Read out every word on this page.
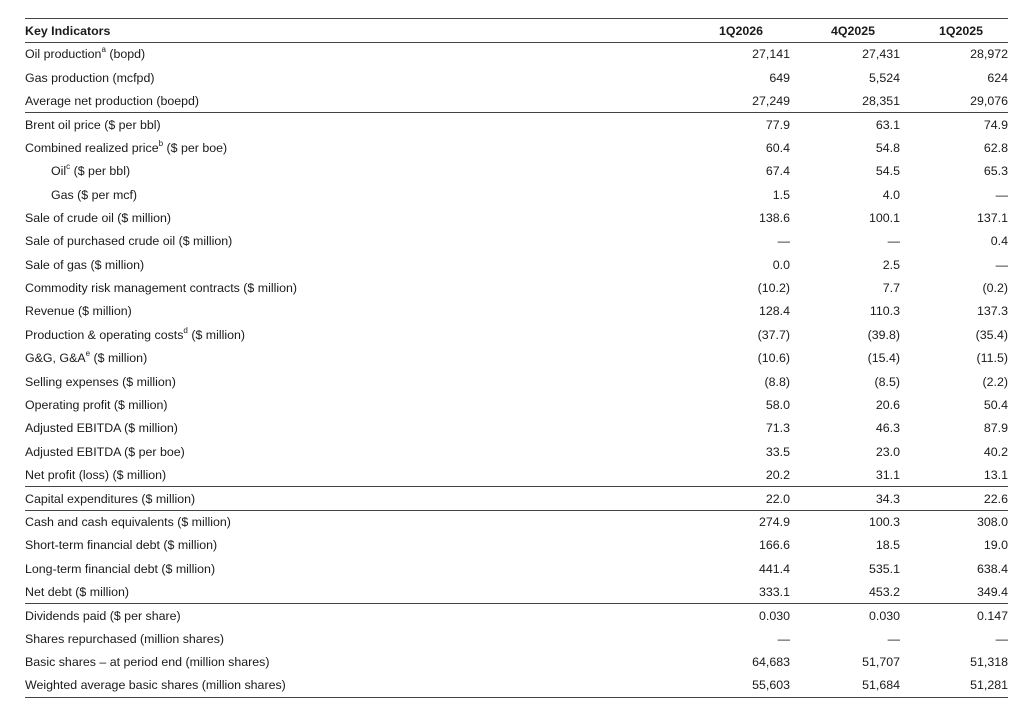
Key Indicators	1Q2026	4Q2025	1Q2025
Oil production$^a$ (bopd)	27,141	27,431	28,972
Gas production (mcfpd)	649	5,524	624
Average net production (boepd)	27,249	28,351	29,076
Brent oil price ($ per bbl)	77.9	63.1	74.9
Combined realized price$^b$ ($ per boe)	60.4	54.8	62.8
Oil$^c$ ($ per bbl)	67.4	54.5	65.3
Gas ($ per mcf)	1.5	4.0	—
Sale of crude oil ($ million)	138.6	100.1	137.1
Sale of purchased crude oil ($ million)	—	—	0.4
Sale of gas ($ million)	0.0	2.5	—
Commodity risk management contracts ($ million)	(10.2)	7.7	(0.2)
Revenue ($ million)	128.4	110.3	137.3
Production & operating costs$^d$ ($ million)	(37.7)	(39.8)	(35.4)
G&G, $G\&A^e$ ($ million)	(10.6)	(15.4)	(11.5)
Selling expenses ($ million)	(8.8)	(8.5)	(2.2)
Operating profit ($ million)	58.0	20.6	50.4
Adjusted EBITDA ($ million)	71.3	46.3	87.9
Adjusted EBITDA ($ per boe)	33.5	23.0	40.2
Net profit (loss) ($ million)	20.2	31.1	13.1
Capital expenditures ($ million)	22.0	34.3	22.6
Cash and cash equivalents ($ million)	274.9	100.3	308.0
Short-term financial debt ($ million)	166.6	18.5	19.0
Long-term financial debt ($ million)	441.4	535.1	638.4
Net debt ($ million)	333.1	453.2	349.4
Dividends paid ($ per share)	0.030	0.030	0.147
Shares repurchased (million shares)	—	—	—
Basic shares – at period end (million shares)	64,683	51,707	51,318
Weighted average basic shares (million shares)	55,603	51,684	51,281
